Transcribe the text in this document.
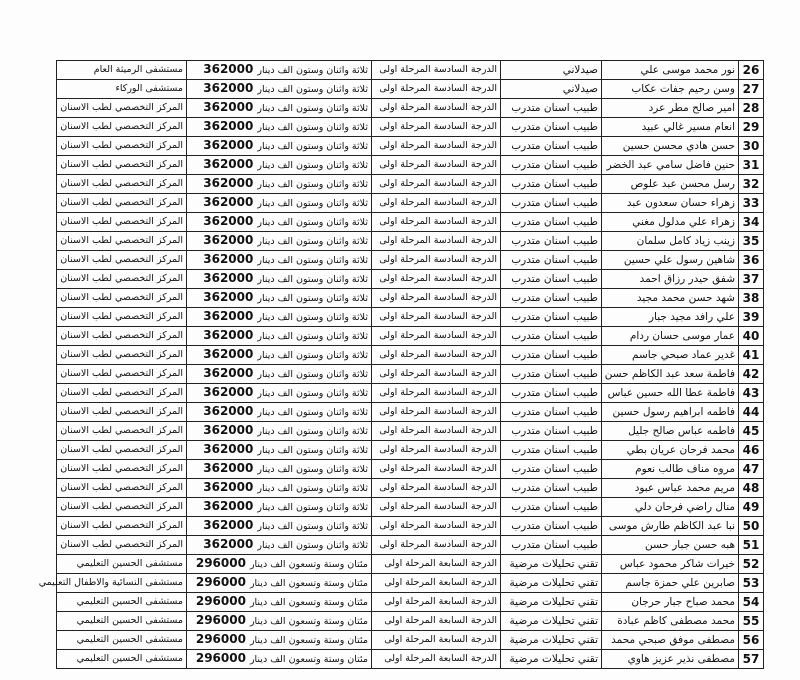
26	نور محمد موسى علي	صيدلاني	الدرجة السادسة المرحلة اولى	ثلاثة واثنان وستون الف دينار362000	مستشفى الرميثة العام
27	وسن رحيم جفات عكاب	صيدلاني	الدرجة السادسة المرحلة اولى	ثلاثة واثنان وستون الف دينار362000	مستشفى الوركاء
28	امير صالح مطر عرد	طبيب اسنان متدرب	الدرجة السادسة المرحلة اولى	ثلاثة واثنان وستون الف دينار362000	المركز التخصصي لطب الاسنان
29	انعام مسير غالي عبيد	طبيب اسنان متدرب	الدرجة السادسة المرحلة اولى	ثلاثة واثنان وستون الف دينار362000	المركز التخصصي لطب الاسنان
30	حسن هادي محسن حسين	طبيب اسنان متدرب	الدرجة السادسة المرحلة اولى	ثلاثة واثنان وستون الف دينار362000	المركز التخصصي لطب الاسنان
31	حنين فاضل سامي عبد الخضر	طبيب اسنان متدرب	الدرجة السادسة المرحلة اولى	ثلاثة واثنان وستون الف دينار362000	المركز التخصصي لطب الاسنان
32	رسل محسن عبد علوص	طبيب اسنان متدرب	الدرجة السادسة المرحلة اولى	ثلاثة واثنان وستون الف دينار362000	المركز التخصصي لطب الاسنان
33	زهراء حسان سعدون عبد	طبيب اسنان متدرب	الدرجة السادسة المرحلة اولى	ثلاثة واثنان وستون الف دينار362000	المركز التخصصي لطب الاسنان
34	زهراء علي مدلول مغني	طبيب اسنان متدرب	الدرجة السادسة المرحلة اولى	ثلاثة واثنان وستون الف دينار362000	المركز التخصصي لطب الاسنان
35	زينب زياد كامل سلمان	طبيب اسنان متدرب	الدرجة السادسة المرحلة اولى	ثلاثة واثنان وستون الف دينار362000	المركز التخصصي لطب الاسنان
36	شاهين رسول علي حسين	طبيب اسنان متدرب	الدرجة السادسة المرحلة اولى	ثلاثة واثنان وستون الف دينار362000	المركز التخصصي لطب الاسنان
37	شفق حيدر رزاق احمد	طبيب اسنان متدرب	الدرجة السادسة المرحلة اولى	ثلاثة واثنان وستون الف دينار362000	المركز التخصصي لطب الاسنان
38	شهد حسن محمد مجيد	طبيب اسنان متدرب	الدرجة السادسة المرحلة اولى	ثلاثة واثنان وستون الف دينار362000	المركز التخصصي لطب الاسنان
39	علي رافد مجيد جبار	طبيب اسنان متدرب	الدرجة السادسة المرحلة اولى	ثلاثة واثنان وستون الف دينار362000	المركز التخصصي لطب الاسنان
40	عمار موسى حسان ردام	طبيب اسنان متدرب	الدرجة السادسة المرحلة اولى	ثلاثة واثنان وستون الف دينار362000	المركز التخصصي لطب الاسنان
41	غدير عماد صبحي جاسم	طبيب اسنان متدرب	الدرجة السادسة المرحلة اولى	ثلاثة واثنان وستون الف دينار362000	المركز التخصصي لطب الاسنان
42	فاطمة سعد عبد الكاظم حسن	طبيب اسنان متدرب	الدرجة السادسة المرحلة اولى	ثلاثة واثنان وستون الف دينار362000	المركز التخصصي لطب الاسنان
43	فاطمة عطا الله حسين عباس	طبيب اسنان متدرب	الدرجة السادسة المرحلة اولى	ثلاثة واثنان وستون الف دينار362000	المركز التخصصي لطب الاسنان
44	فاطمه ابراهيم رسول حسين	طبيب اسنان متدرب	الدرجة السادسة المرحلة اولى	ثلاثة واثنان وستون الف دينار362000	المركز التخصصي لطب الاسنان
45	فاطمه عباس صالح جليل	طبيب اسنان متدرب	الدرجة السادسة المرحلة اولى	ثلاثة واثنان وستون الف دينار362000	المركز التخصصي لطب الاسنان
46	محمد فرحان عريان بطي	طبيب اسنان متدرب	الدرجة السادسة المرحلة اولى	ثلاثة واثنان وستون الف دينار362000	المركز التخصصي لطب الاسنان
47	مروه مناف طالب نعوم	طبيب اسنان متدرب	الدرجة السادسة المرحلة اولى	ثلاثة واثنان وستون الف دينار362000	المركز التخصصي لطب الاسنان
48	مريم محمد عباس عبود	طبيب اسنان متدرب	الدرجة السادسة المرحلة اولى	ثلاثة واثنان وستون الف دينار362000	المركز التخصصي لطب الاسنان
49	منال راضي فرحان دلي	طبيب اسنان متدرب	الدرجة السادسة المرحلة اولى	ثلاثة واثنان وستون الف دينار362000	المركز التخصصي لطب الاسنان
50	نبا عبد الكاظم طارش موسى	طبيب اسنان متدرب	الدرجة السادسة المرحلة اولى	ثلاثة واثنان وستون الف دينار362000	المركز التخصصي لطب الاسنان
51	هبه حسن جبار حسن	طبيب اسنان متدرب	الدرجة السادسة المرحلة اولى	ثلاثة واثنان وستون الف دينار362000	المركز التخصصي لطب الاسنان
52	خيرات شاكر محمود عباس	تقني تحليلات مرضية	الدرجة السابعة المرحلة اولى	مئتان وستة وتسعون الف دينار296000	مستشفى الحسين التعليمي
53	صابرين علي حمزة جاسم	تقني تحليلات مرضية	الدرجة السابعة المرحلة اولى	مئتان وستة وتسعون الف دينار296000	مستشفى النسائية والاطفال التعليمي
54	محمد صباح جبار حرجان	تقني تحليلات مرضية	الدرجة السابعة المرحلة اولى	مئتان وستة وتسعون الف دينار296000	مستشفى الحسين التعليمي
55	محمد مصطفى كاظم عبادة	تقني تحليلات مرضية	الدرجة السابعة المرحلة اولى	مئتان وستة وتسعون الف دينار296000	مستشفى الحسين التعليمي
56	مصطفى موفق صبحي محمد	تقني تحليلات مرضية	الدرجة السابعة المرحلة اولى	مئتان وستة وتسعون الف دينار296000	مستشفى الحسين التعليمي
57	مصطفى نذير عزيز هاوي	تقني تحليلات مرضية	الدرجة السابعة المرحلة اولى	مئتان وستة وتسعون الف دينار296000	مستشفى الحسين التعليمي
